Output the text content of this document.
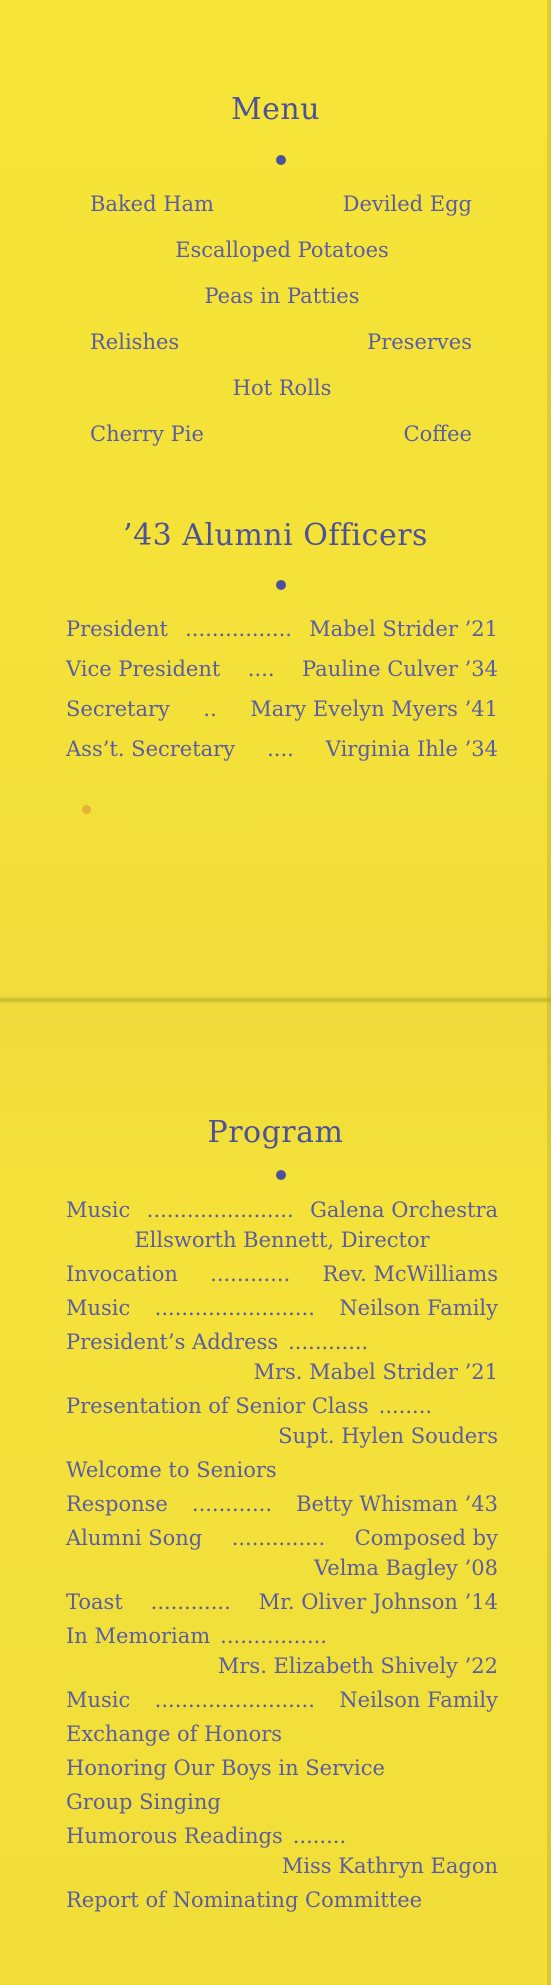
Menu
Baked Ham	Deviled Egg
Escalloped Potatoes
Peas in Patties
Relishes	Preserves
Hot Rolls
Cherry Pie	Coffee
’43 Alumni Officers
President ................ Mabel Strider ’21
Vice President .... Pauline Culver ’34
Secretary .. Mary Evelyn Myers ’41
Ass’t. Secretary .... Virginia Ihle ’34
Program
Music ...................... Galena Orchestra
Ellsworth Bennett, Director
Invocation ............ Rev. McWilliams
Music ........................ Neilson Family
President’s Address ............
Mrs. Mabel Strider ’21
Presentation of Senior Class ........
Supt. Hylen Souders
Welcome to Seniors
Response ............ Betty Whisman ’43
Alumni Song .............. Composed by
Velma Bagley ’08
Toast ............ Mr. Oliver Johnson ’14
In Memoriam ................
Mrs. Elizabeth Shively ’22
Music ........................ Neilson Family
Exchange of Honors
Honoring Our Boys in Service
Group Singing
Humorous Readings ........
Miss Kathryn Eagon
Report of Nominating Committee
